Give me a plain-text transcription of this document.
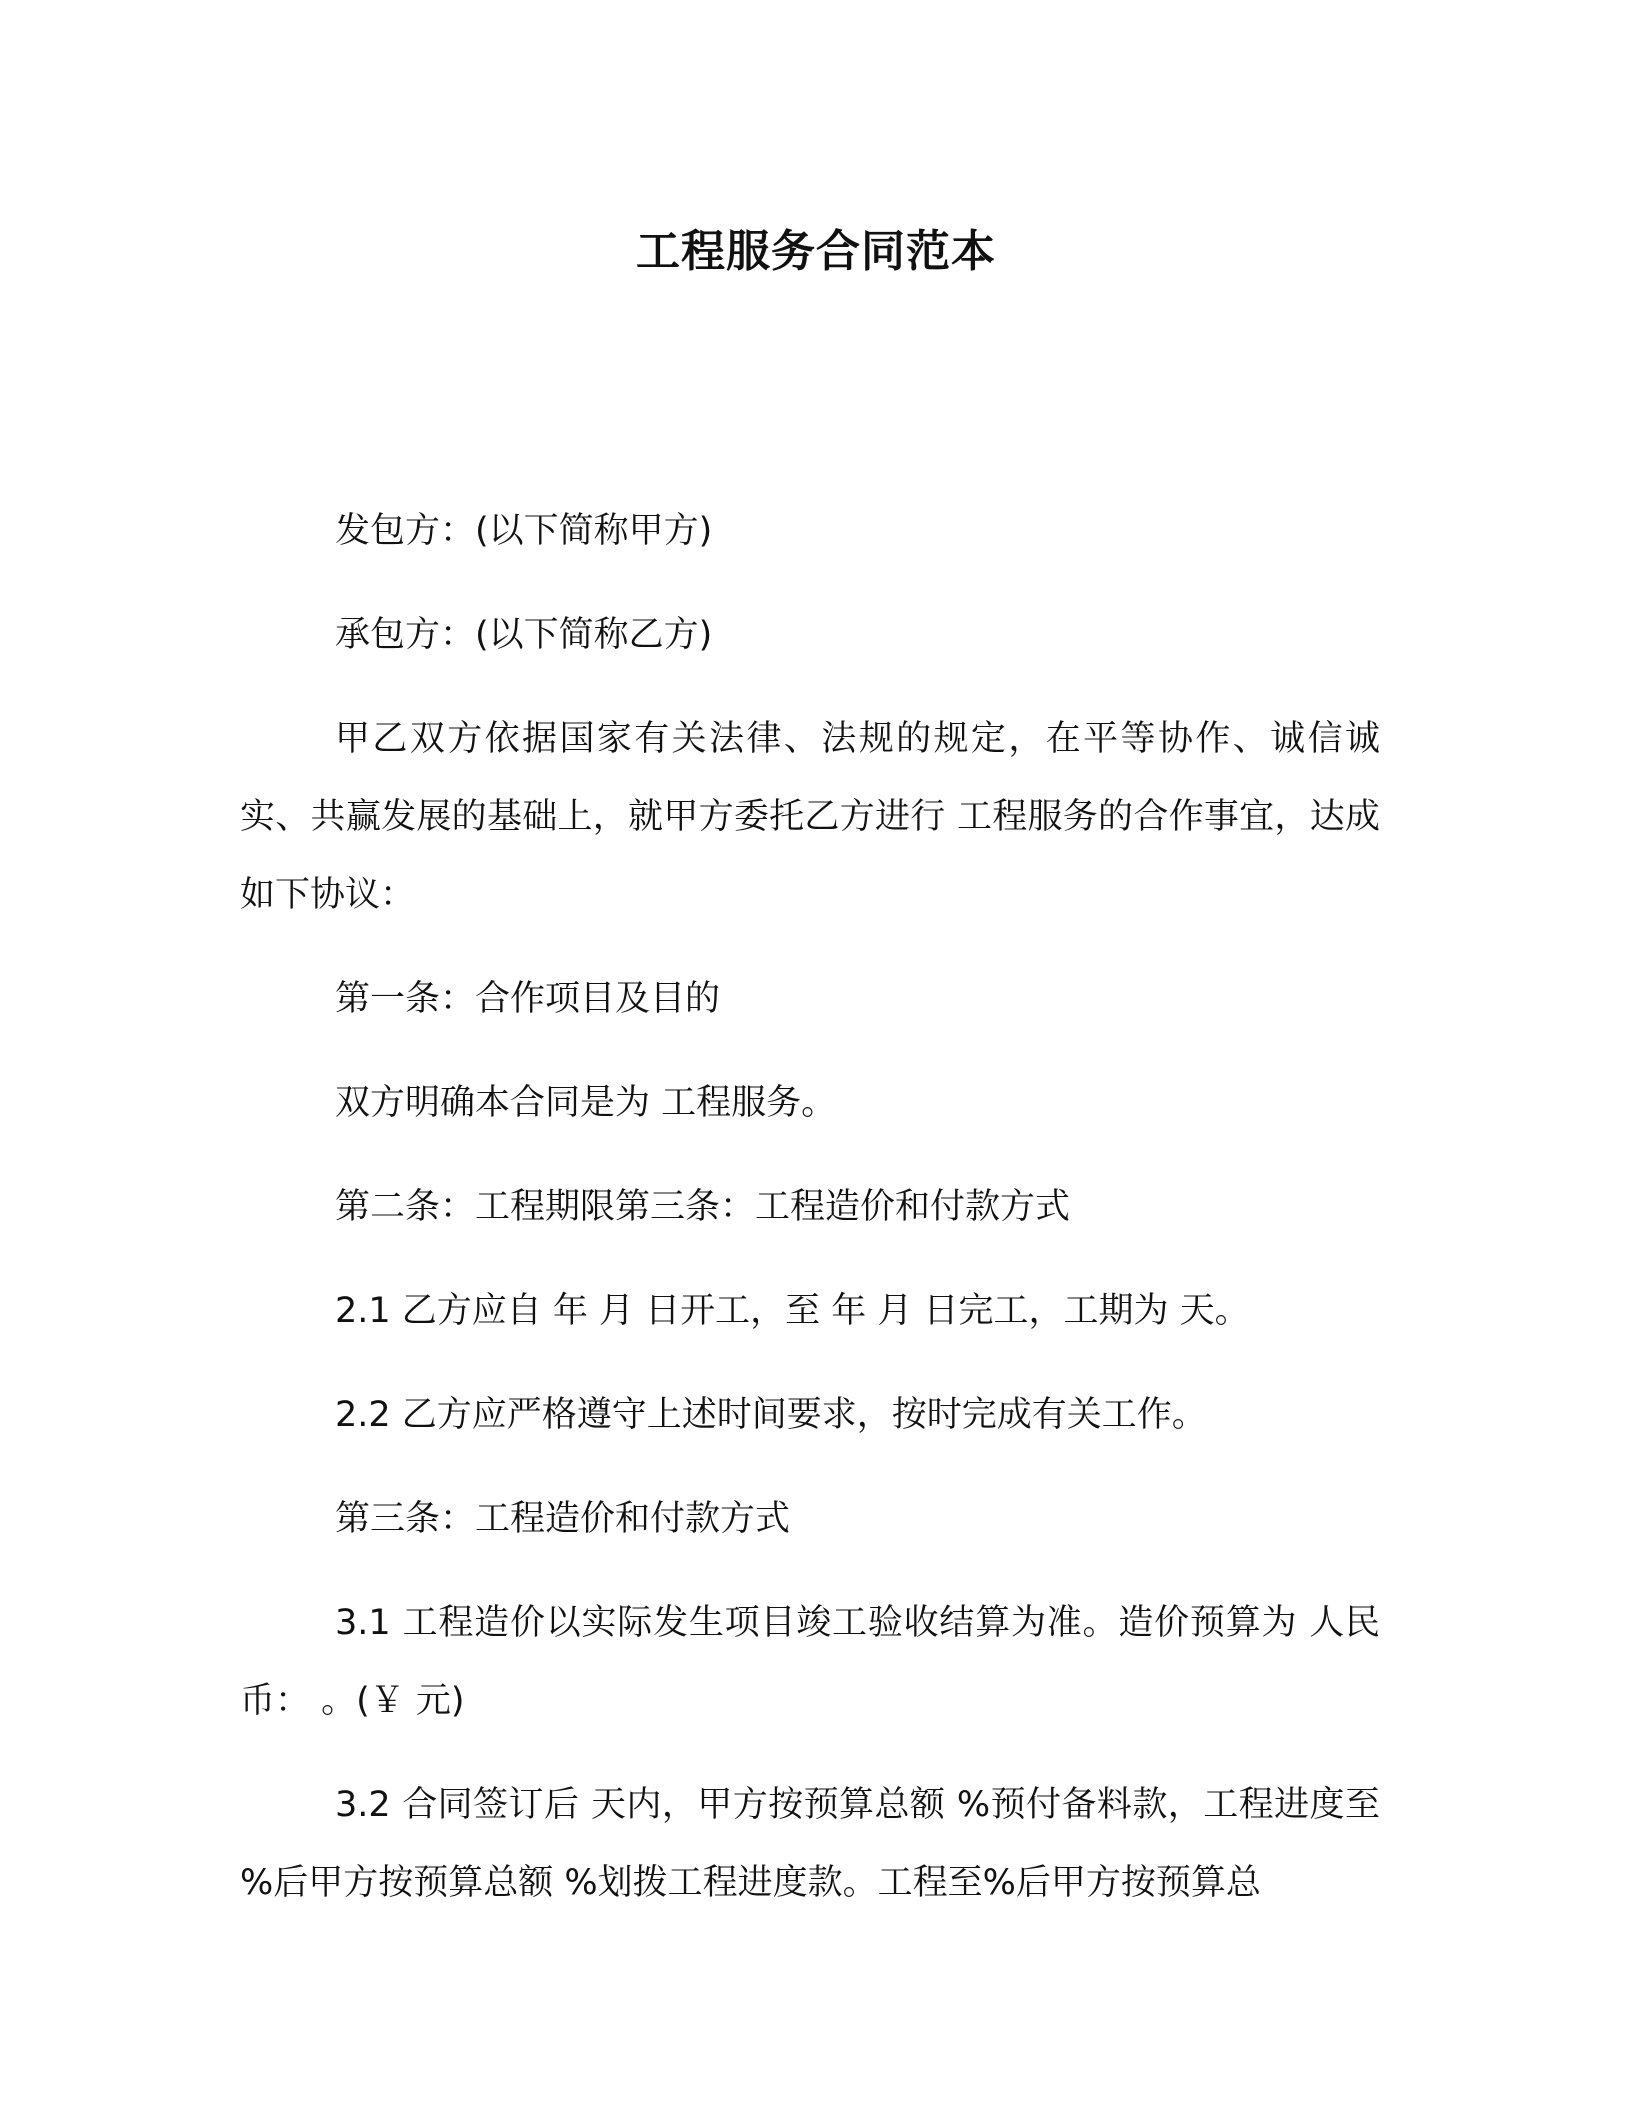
工程服务合同范本

发包方：(以下简称甲方)

承包方：(以下简称乙方)

甲乙双方依据国家有关法律、法规的规定，在平等协作、诚信诚实、共赢发展的基础上，就甲方委托乙方进行 工程服务的合作事宜，达成如下协议：

第一条：合作项目及目的

双方明确本合同是为 工程服务。

第二条：工程期限第三条：工程造价和付款方式

2.1 乙方应自 年 月 日开工，至 年 月 日完工，工期为 天。

2.2 乙方应严格遵守上述时间要求，按时完成有关工作。

第三条：工程造价和付款方式

3.1 工程造价以实际发生项目竣工验收结算为准。造价预算为 人民币： 。(￥ 元)

3.2 合同签订后 天内，甲方按预算总额 %预付备料款，工程进度至 %后甲方按预算总额 %划拨工程进度款。工程至%后甲方按预算总
